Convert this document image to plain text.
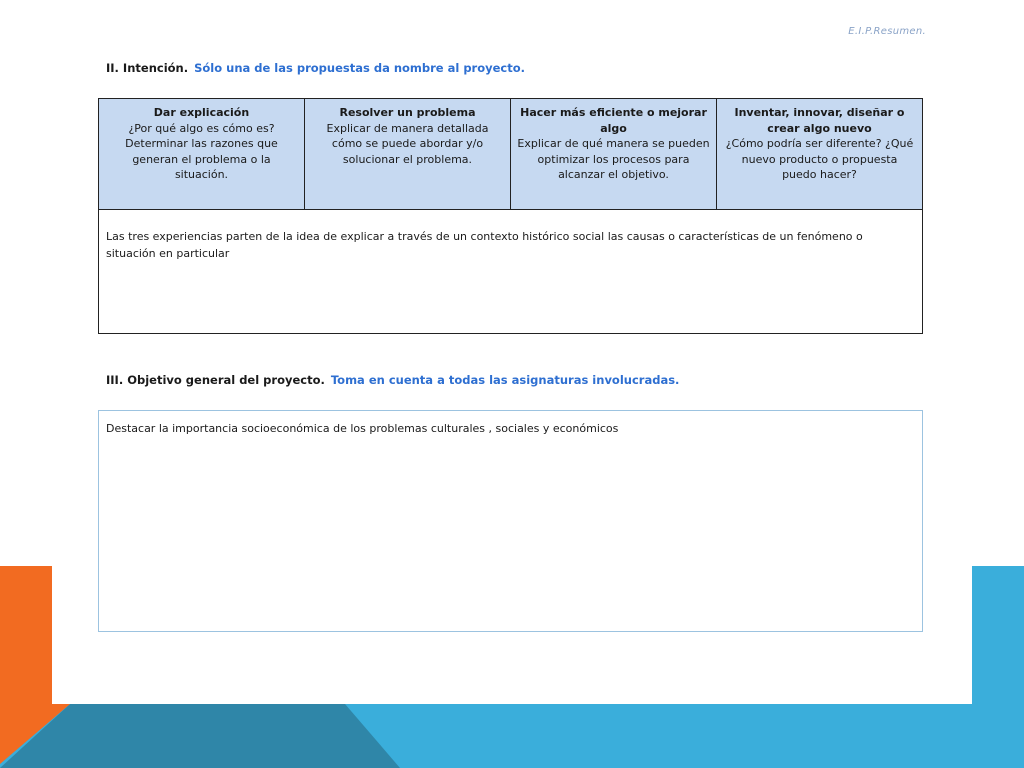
E.I.P.Resumen.
II. Intención. Sólo una de las propuestas da nombre al proyecto.
Dar explicación
¿Por qué algo es cómo es? Determinar las razones que generan el problema o la situación.
Resolver un problema
Explicar de manera detallada cómo se puede abordar y/o solucionar el problema.
Hacer más eficiente o mejorar algo
Explicar de qué manera se pueden optimizar los procesos para alcanzar el objetivo.
Inventar, innovar, diseñar o crear algo nuevo
¿Cómo podría ser diferente? ¿Qué nuevo producto o propuesta puedo hacer?
Las tres experiencias parten de la idea de explicar a través de un contexto histórico social las causas o características de un fenómeno o situación en particular
III. Objetivo general del proyecto. Toma en cuenta a todas las asignaturas involucradas.
Destacar la importancia socioeconómica de los problemas culturales , sociales y económicos
